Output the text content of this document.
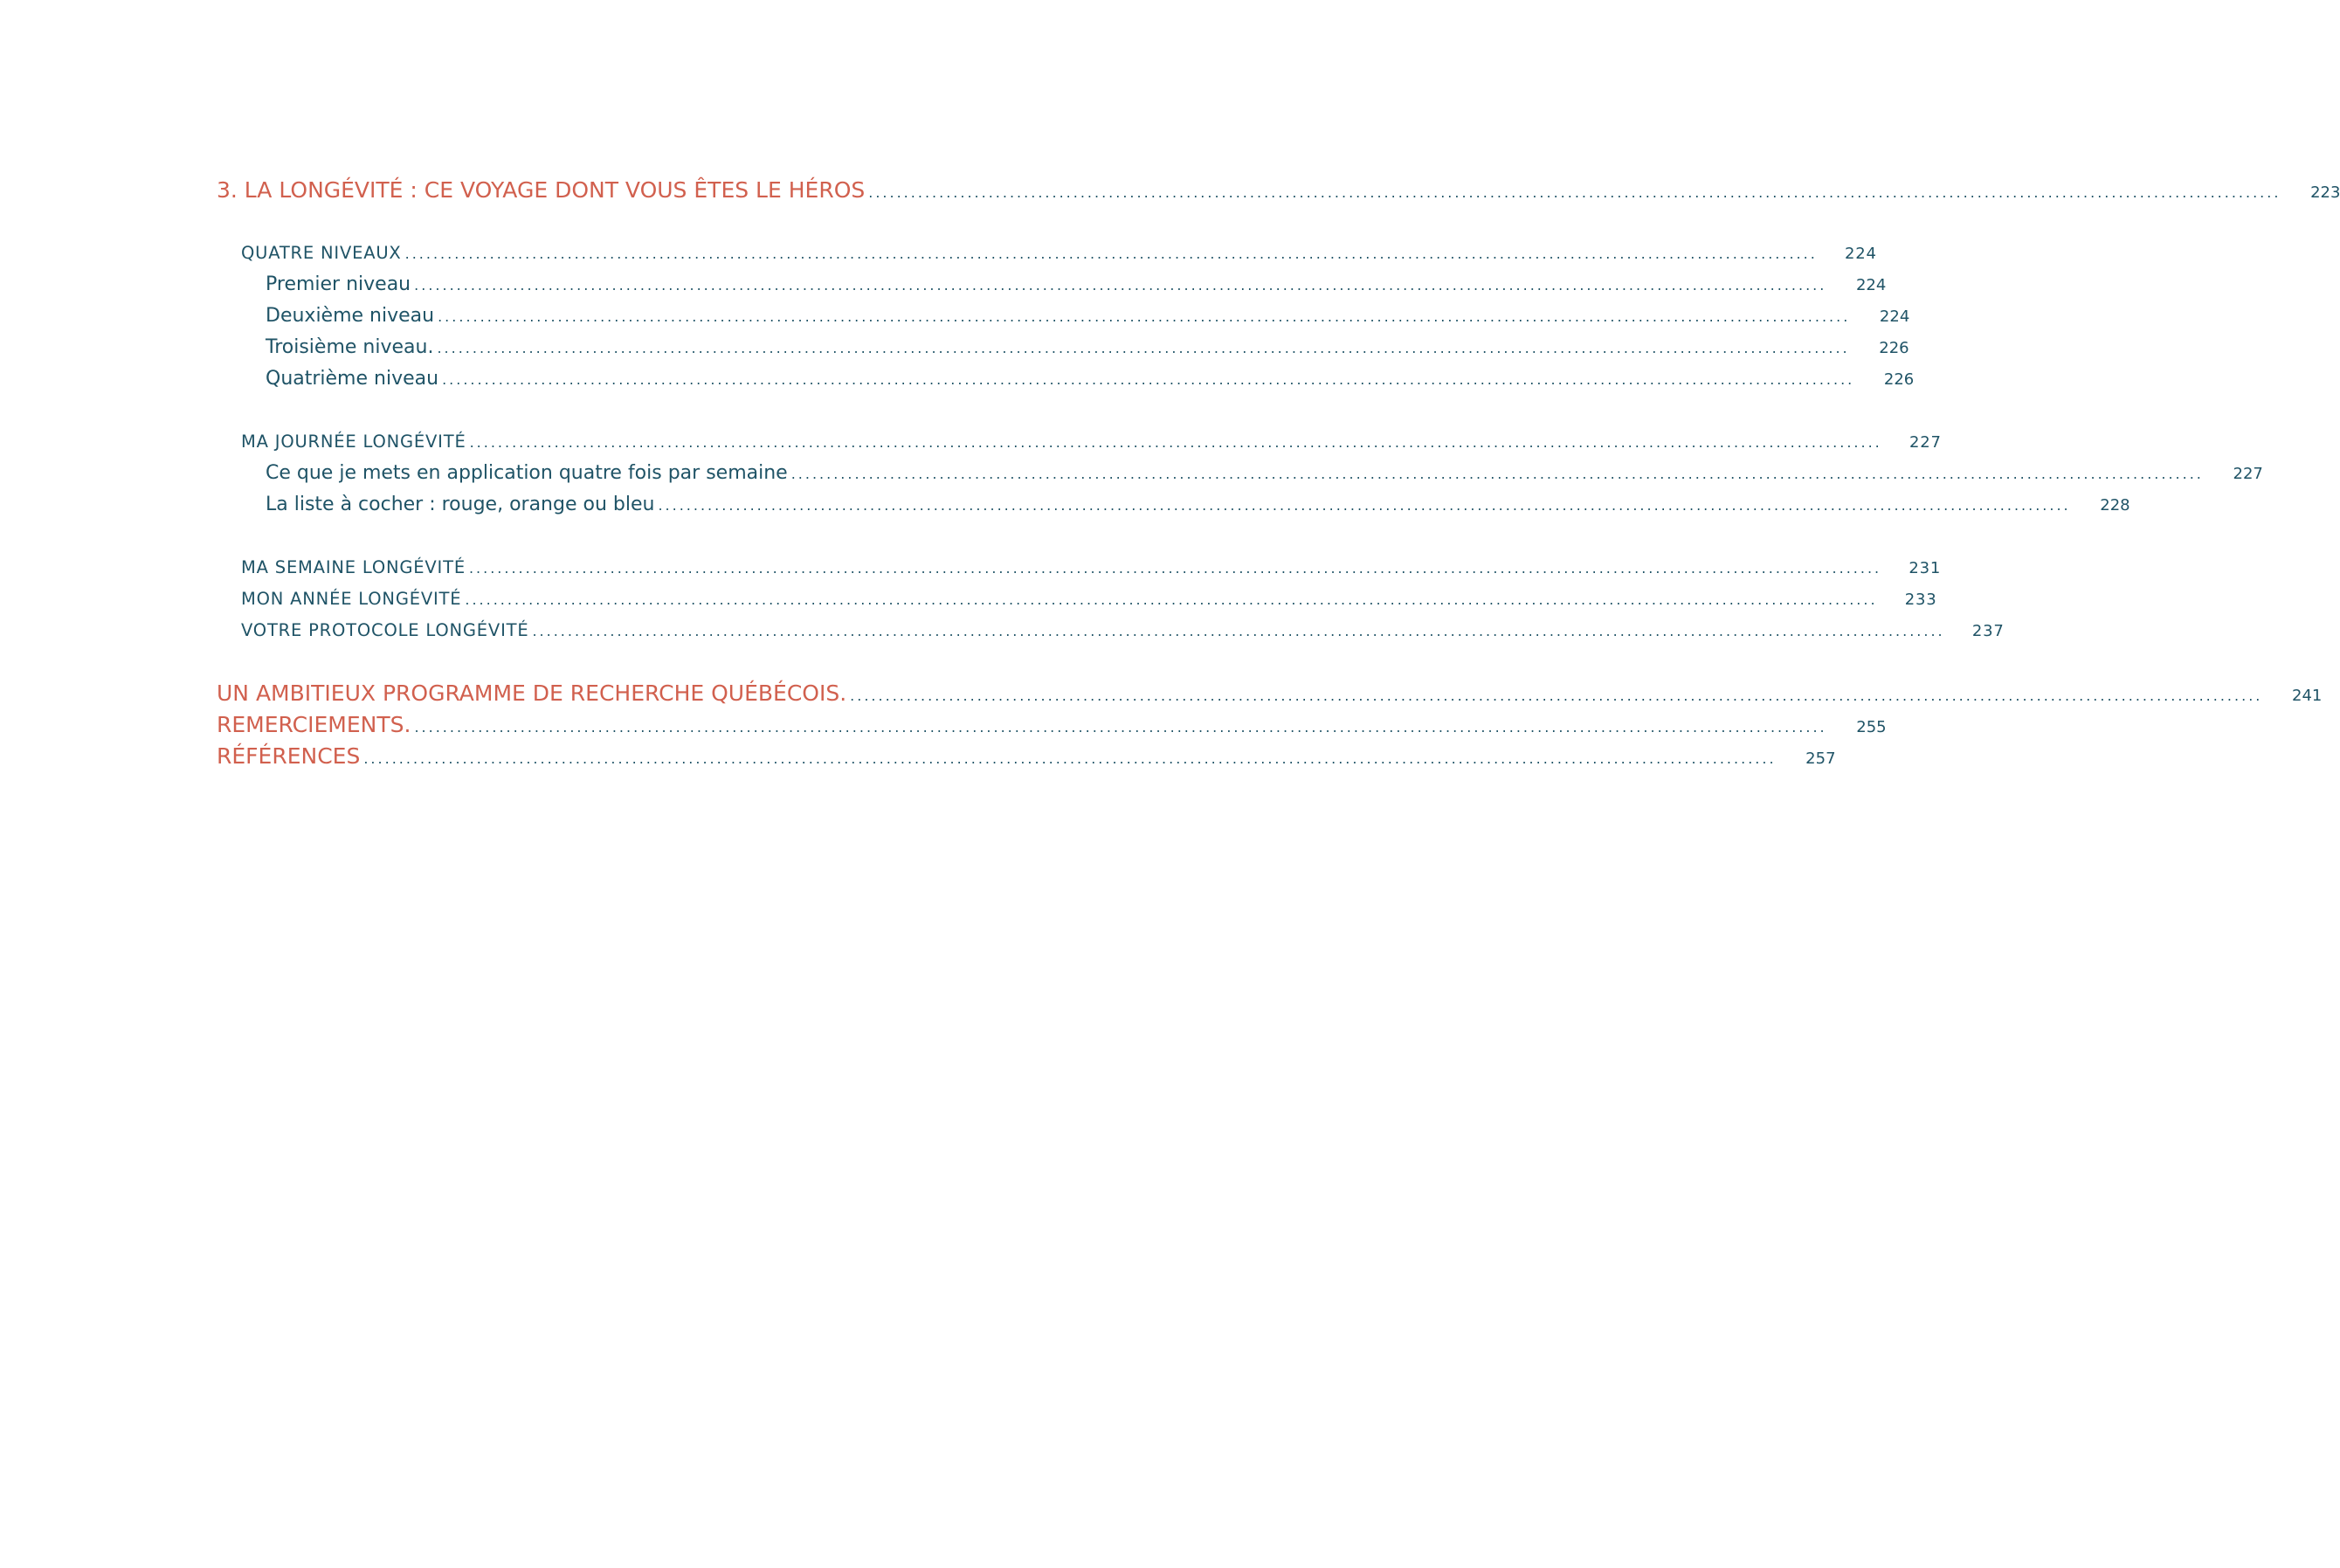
3. LA LONGÉVITÉ : CE VOYAGE DONT VOUS ÊTES LE HÉROS ........................................................................................................................................................................................................	223
QUATRE NIVEAUX ........................................................................................................................................................................................................	224
Premier niveau ........................................................................................................................................................................................................	224
Deuxième niveau ........................................................................................................................................................................................................	224
Troisième niveau. ........................................................................................................................................................................................................	226
Quatrième niveau ........................................................................................................................................................................................................	226
MA JOURNÉE LONGÉVITÉ ........................................................................................................................................................................................................	227
Ce que je mets en application quatre fois par semaine ........................................................................................................................................................................................................	227
La liste à cocher : rouge, orange ou bleu ........................................................................................................................................................................................................	228
MA SEMAINE LONGÉVITÉ ........................................................................................................................................................................................................	231
MON ANNÉE LONGÉVITÉ ........................................................................................................................................................................................................	233
VOTRE PROTOCOLE LONGÉVITÉ ........................................................................................................................................................................................................	237
UN AMBITIEUX PROGRAMME DE RECHERCHE QUÉBÉCOIS. ........................................................................................................................................................................................................	241
REMERCIEMENTS. ........................................................................................................................................................................................................	255
RÉFÉRENCES ........................................................................................................................................................................................................	257
